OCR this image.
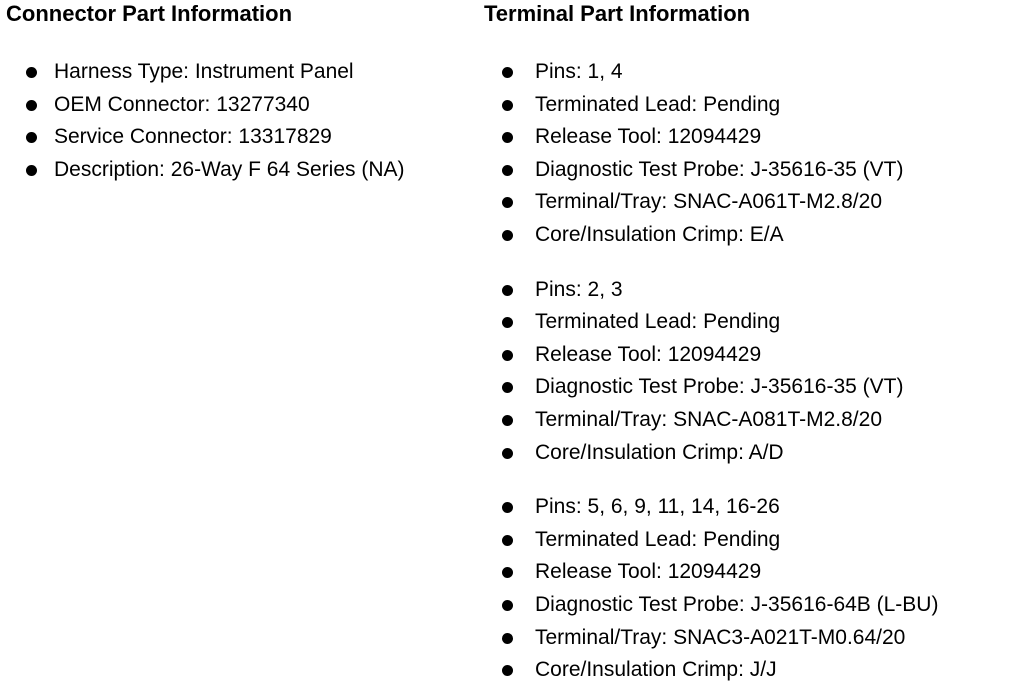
Connector Part Information
Harness Type: Instrument Panel
OEM Connector: 13277340
Service Connector: 13317829
Description: 26-Way F 64 Series (NA)
Terminal Part Information
Pins: 1, 4
Terminated Lead: Pending
Release Tool: 12094429
Diagnostic Test Probe: J-35616-35 (VT)
Terminal/Tray: SNAC-A061T-M2.8/20
Core/Insulation Crimp: E/A
Pins: 2, 3
Terminated Lead: Pending
Release Tool: 12094429
Diagnostic Test Probe: J-35616-35 (VT)
Terminal/Tray: SNAC-A081T-M2.8/20
Core/Insulation Crimp: A/D
Pins: 5, 6, 9, 11, 14, 16-26
Terminated Lead: Pending
Release Tool: 12094429
Diagnostic Test Probe: J-35616-64B (L-BU)
Terminal/Tray: SNAC3-A021T-M0.64/20
Core/Insulation Crimp: J/J
